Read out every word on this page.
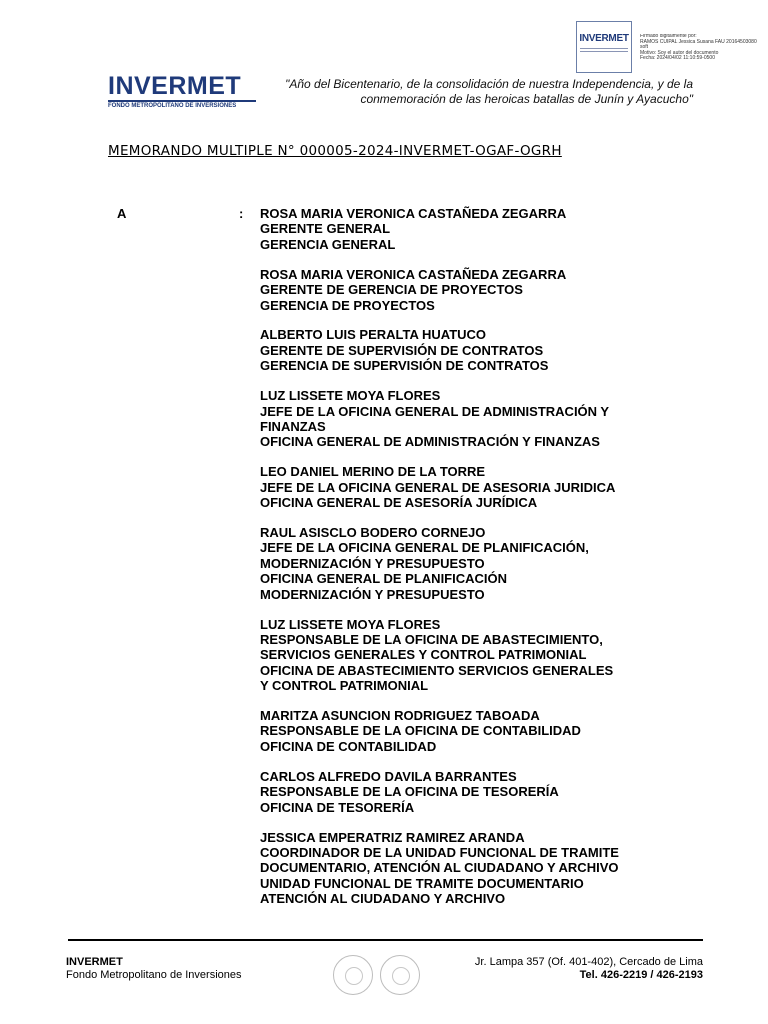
INVERMET Firmado digitalmente por:
RAMOS CUIPAL Jessica Susana FAU 20164503080
soft
Motivo: Soy el autor del documento
Fecha: 2024/04/02 11:10:59-0500
INVERMET
FONDO METROPOLITANO DE INVERSIONES
"Año del Bicentenario, de la consolidación de nuestra Independencia, y de la
conmemoración de las heroicas batallas de Junín y Ayacucho"
MEMORANDO MULTIPLE N° 000005-2024-INVERMET-OGAF-OGRH
A	: ROSA MARIA VERONICA CASTAÑEDA ZEGARRA
GERENTE GENERAL
GERENCIA GENERAL
ROSA MARIA VERONICA CASTAÑEDA ZEGARRA
GERENTE DE GERENCIA DE PROYECTOS
GERENCIA DE PROYECTOS
ALBERTO LUIS PERALTA HUATUCO
GERENTE DE SUPERVISIÓN DE CONTRATOS
GERENCIA DE SUPERVISIÓN DE CONTRATOS
LUZ LISSETE MOYA FLORES
JEFE DE LA OFICINA GENERAL DE ADMINISTRACIÓN Y
FINANZAS
OFICINA GENERAL DE ADMINISTRACIÓN Y FINANZAS
LEO DANIEL MERINO DE LA TORRE
JEFE DE LA OFICINA GENERAL DE ASESORIA JURIDICA
OFICINA GENERAL DE ASESORÍA JURÍDICA
RAUL ASISCLO BODERO CORNEJO
JEFE DE LA OFICINA GENERAL DE PLANIFICACIÓN,
MODERNIZACIÓN Y PRESUPUESTO
OFICINA GENERAL DE PLANIFICACIÓN
MODERNIZACIÓN Y PRESUPUESTO
LUZ LISSETE MOYA FLORES
RESPONSABLE DE LA OFICINA DE ABASTECIMIENTO,
SERVICIOS GENERALES Y CONTROL PATRIMONIAL
OFICINA DE ABASTECIMIENTO SERVICIOS GENERALES
Y CONTROL PATRIMONIAL
MARITZA ASUNCION RODRIGUEZ TABOADA
RESPONSABLE DE LA OFICINA DE CONTABILIDAD
OFICINA DE CONTABILIDAD
CARLOS ALFREDO DAVILA BARRANTES
RESPONSABLE DE LA OFICINA DE TESORERÍA
OFICINA DE TESORERÍA
JESSICA EMPERATRIZ RAMIREZ ARANDA
COORDINADOR DE LA UNIDAD FUNCIONAL DE TRAMITE
DOCUMENTARIO, ATENCIÓN AL CIUDADANO Y ARCHIVO
UNIDAD FUNCIONAL DE TRAMITE DOCUMENTARIO
ATENCIÓN AL CIUDADANO Y ARCHIVO
INVERMET
Fondo Metropolitano de Inversiones
Jr. Lampa 357 (Of. 401-402), Cercado de Lima
Tel. 426-2219 / 426-2193
